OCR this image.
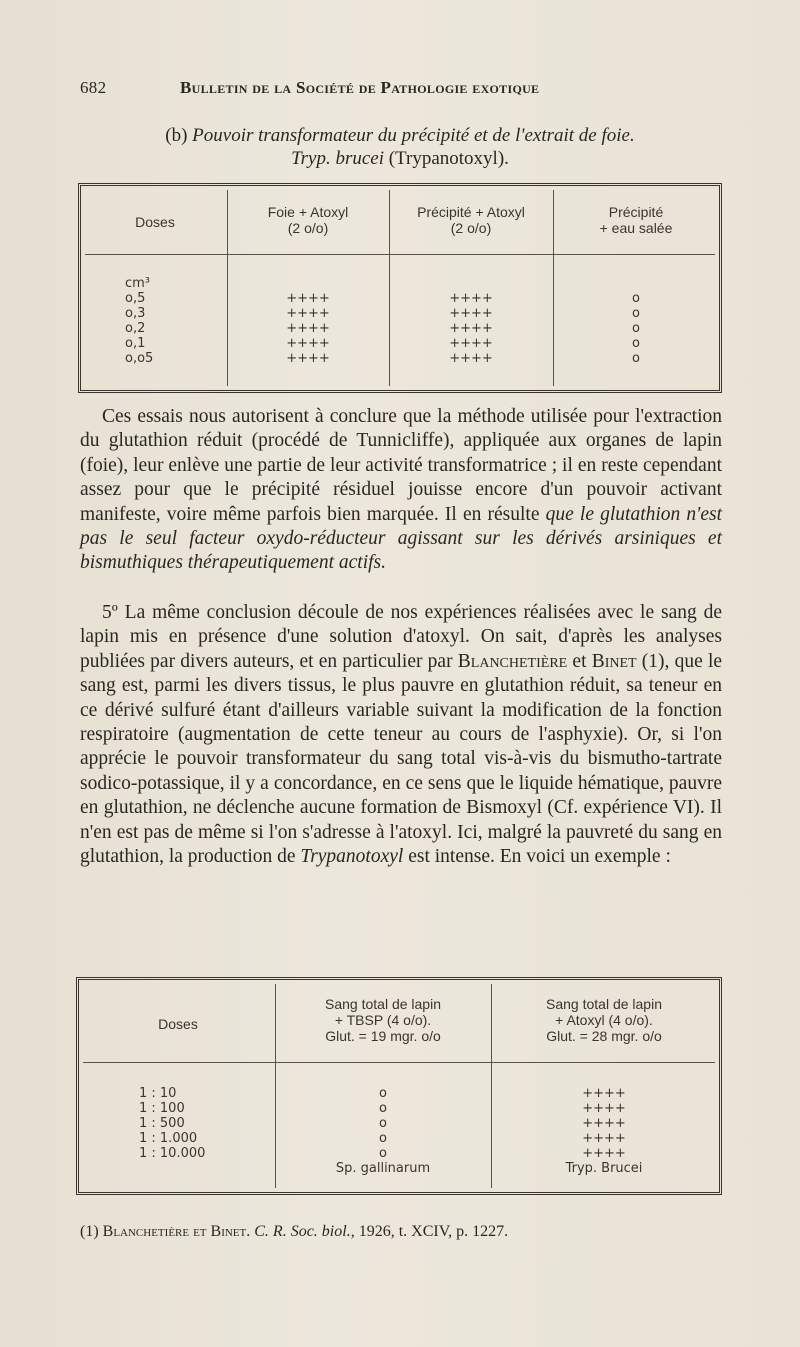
682	Bulletin de la Société de Pathologie exotique
(b) Pouvoir transformateur du précipité et de l'extrait de foie.
Tryp. brucei (Trypanotoxyl).
Doses
Foie + Atoxyl
(2 o/o)
Précipité + Atoxyl
(2 o/o)
Précipité
+ eau salée
cm³
o,5
o,3
o,2
o,1
o,o5
++++
++++
++++
++++
++++
++++
++++
++++
++++
++++
o
o
o
o
o

Ces essais nous autorisent à conclure que la méthode utilisée pour l'extraction du glutathion réduit (procédé de Tunnicliffe), appliquée aux organes de lapin (foie), leur enlève une partie de leur activité transformatrice ; il en reste cependant assez pour que le précipité résiduel jouisse encore d'un pouvoir activant manifeste, voire même parfois bien marquée. Il en résulte que le glutathion n'est pas le seul facteur oxydo-réducteur agissant sur les dérivés arsiniques et bismuthiques thérapeutiquement actifs.

5º La même conclusion découle de nos expériences réalisées avec le sang de lapin mis en présence d'une solution d'atoxyl. On sait, d'après les analyses publiées par divers auteurs, et en particulier par Blanchetière et Binet (1), que le sang est, parmi les divers tissus, le plus pauvre en glutathion réduit, sa teneur en ce dérivé sulfuré étant d'ailleurs variable suivant la modification de la fonction respiratoire (augmentation de cette teneur au cours de l'asphyxie). Or, si l'on apprécie le pouvoir transformateur du sang total vis-à-vis du bismutho-tartrate sodico-potassique, il y a concordance, en ce sens que le liquide hématique, pauvre en glutathion, ne déclenche aucune formation de Bismoxyl (Cf. expérience VI). Il n'en est pas de même si l'on s'adresse à l'atoxyl. Ici, malgré la pauvreté du sang en glutathion, la production de Trypanotoxyl est intense. En voici un exemple :

Doses
Sang total de lapin
+ TBSP (4 o/o).
Glut. = 19 mgr. o/o
Sang total de lapin
+ Atoxyl (4 o/o).
Glut. = 28 mgr. o/o
1 : 10
1 : 100
1 : 500
1 : 1.000
1 : 10.000
o
o
o
o
o
Sp. gallinarum
++++
++++
++++
++++
++++
Tryp. Brucei
(1) Blanchetière et Binet. C. R. Soc. biol., 1926, t. XCIV, p. 1227.
